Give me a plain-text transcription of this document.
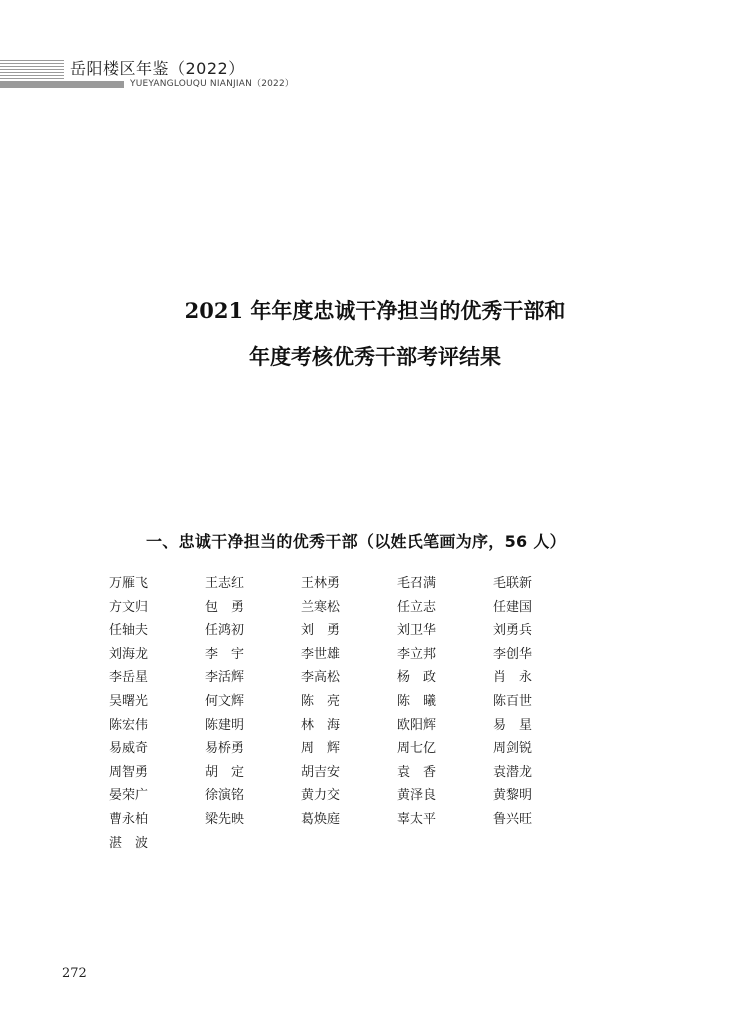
岳阳楼区年鉴（2022）
YUEYANGLOUQU NIANJIAN（2022）
2021 年年度忠诚干净担当的优秀干部和
年度考核优秀干部考评结果
一、忠诚干净担当的优秀干部（以姓氏笔画为序，56 人）
万雁飞	王志红	王林勇	毛召满	毛联新
方文归	包　勇	兰寒松	任立志	任建国
任轴夫	任鸿初	刘　勇	刘卫华	刘勇兵
刘海龙	李　宇	李世雄	李立邦	李创华
李岳星	李活辉	李高松	杨　政	肖　永
吴曙光	何文辉	陈　亮	陈　曦	陈百世
陈宏伟	陈建明	林　海	欧阳辉	易　星
易威奇	易桥勇	周　辉	周七亿	周剑锐
周智勇	胡　定	胡吉安	袁　香	袁潜龙
晏荣广	徐演铭	黄力交	黄泽良	黄黎明
曹永柏	梁先映	葛焕庭	辜太平	鲁兴旺
湛　波
272
